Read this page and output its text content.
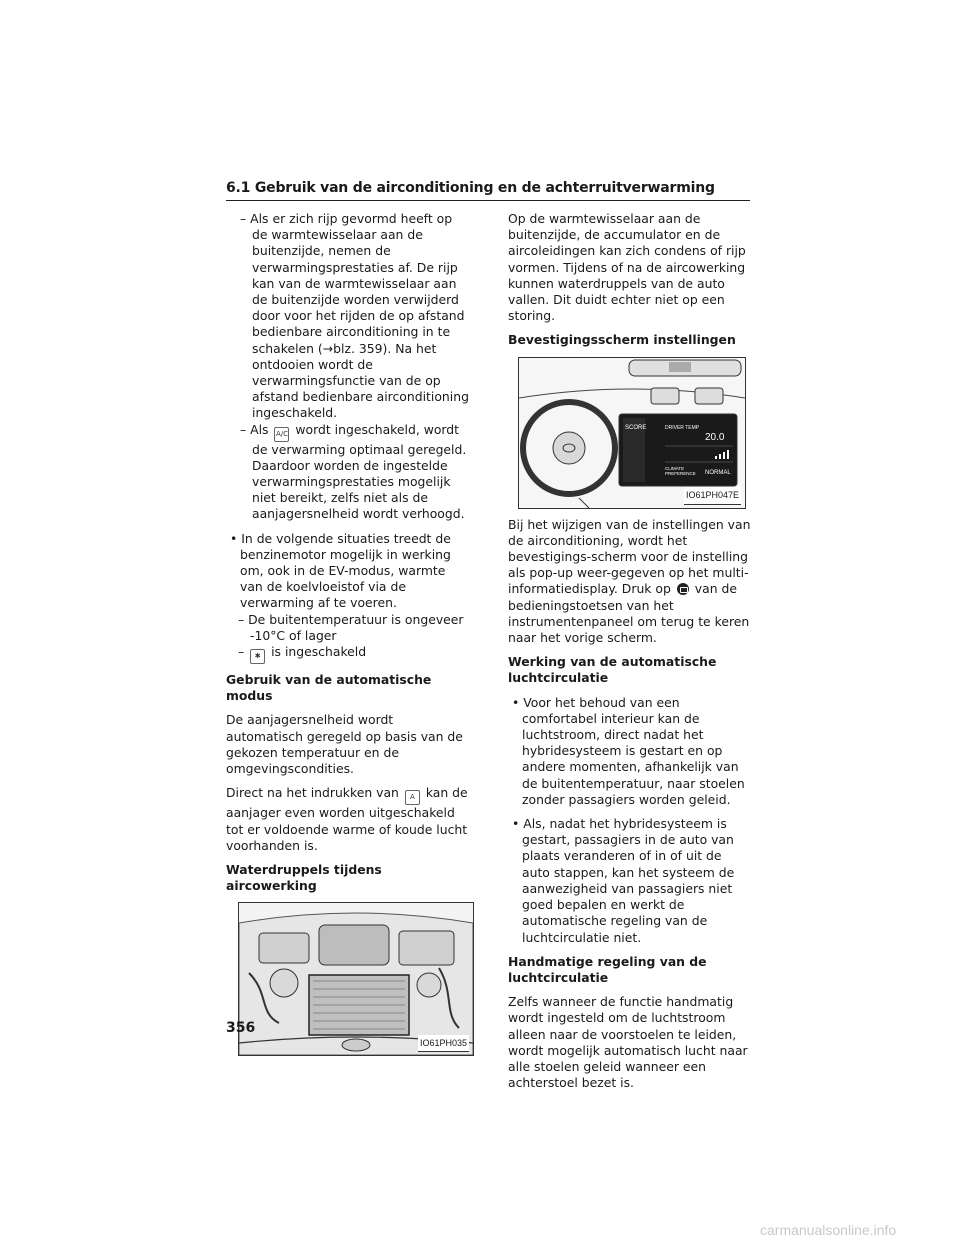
6.1 Gebruik van de airconditioning en de achterruitverwarming

– Als er zich rijp gevormd heeft op de warmtewisselaar aan de buitenzijde, nemen de verwarmingsprestaties af. De rijp kan van de warmtewisselaar aan de buitenzijde worden verwijderd door voor het rijden de op afstand bedienbare airconditioning in te schakelen (→blz. 359). Na het ontdooien wordt de verwarmingsfunctie van de op afstand bedienbare airconditioning ingeschakeld.

– Als A/C wordt ingeschakeld, wordt de verwarming optimaal geregeld. Daardoor worden de ingestelde verwarmingsprestaties mogelijk niet bereikt, zelfs niet als de aanjagersnelheid wordt verhoogd.

• In de volgende situaties treedt de benzinemotor mogelijk in werking om, ook in de EV-modus, warmte van de koelvloeistof via de verwarming af te voeren.

– De buitentemperatuur is ongeveer -10°C of lager

– ✱ is ingeschakeld

Gebruik van de automatische modus

De aanjagersnelheid wordt automatisch geregeld op basis van de gekozen temperatuur en de omgevingscondities.

Direct na het indrukken van A kan de aanjager even worden uitgeschakeld tot er voldoende warme of koude lucht voorhanden is.

Waterdruppels tijdens aircowerking

IO61PH035

Op de warmtewisselaar aan de buitenzijde, de accumulator en de aircoleidingen kan zich condens of rijp vormen. Tijdens of na de aircowerking kunnen waterdruppels van de auto vallen. Dit duidt echter niet op een storing.

Bevestigingsscherm instellingen

SCORE	DRIVER TEMP
20.0
CLIMATE
PREFERENCE NORMAL
IO61PH047E

Bij het wijzigen van de instellingen van de airconditioning, wordt het bevestigings-scherm voor de instelling als pop-up weer-gegeven op het multi- informatiedisplay. Druk op van de bedieningstoetsen van het instrumentenpaneel om terug te keren naar het vorige scherm.

Werking van de automatische luchtcirculatie

• Voor het behoud van een comfortabel interieur kan de luchtstroom, direct nadat het hybridesysteem is gestart en op andere momenten, afhankelijk van de buitentemperatuur, naar stoelen zonder passagiers worden geleid.

• Als, nadat het hybridesysteem is gestart, passagiers in de auto van plaats veranderen of in of uit de auto stappen, kan het systeem de aanwezigheid van passagiers niet goed bepalen en werkt de automatische regeling van de luchtcirculatie niet.

Handmatige regeling van de luchtcirculatie

Zelfs wanneer de functie handmatig wordt ingesteld om de luchtstroom alleen naar de voorstoelen te leiden, wordt mogelijk automatisch lucht naar alle stoelen geleid wanneer een achterstoel bezet is.

356
carmanualsonline.info
